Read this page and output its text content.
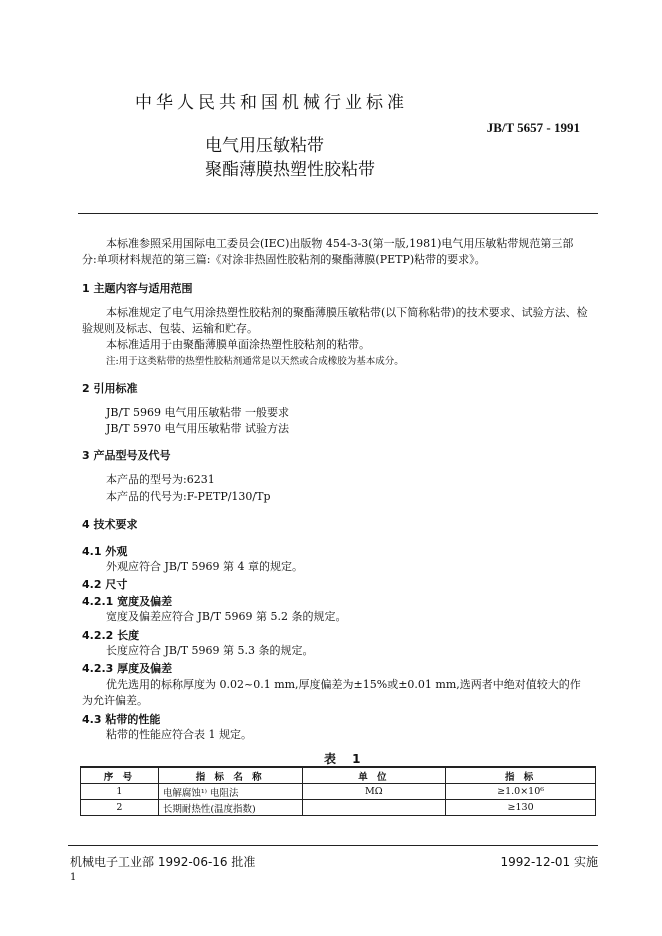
中华人民共和国机械行业标准
JB/T 5657 - 1991
电气用压敏粘带
聚酯薄膜热塑性胶粘带
本标准参照采用国际电工委员会(IEC)出版物 454-3-3(第一版,1981)电气用压敏粘带规范第三部
分:单项材料规范的第三篇:《对涂非热固性胶粘剂的聚酯薄膜(PETP)粘带的要求》。
1 主题内容与适用范围
本标准规定了电气用涂热塑性胶粘剂的聚酯薄膜压敏粘带(以下简称粘带)的技术要求、试验方法、检
验规则及标志、包装、运输和贮存。
本标准适用于由聚酯薄膜单面涂热塑性胶粘剂的粘带。
注:用于这类粘带的热塑性胶粘剂通常是以天然或合成橡胶为基本成分。
2 引用标准
JB/T 5969 电气用压敏粘带 一般要求
JB/T 5970 电气用压敏粘带 试验方法
3 产品型号及代号
本产品的型号为:6231
本产品的代号为:F-PETP/130/Tp
4 技术要求
4.1 外观
外观应符合 JB/T 5969 第 4 章的规定。
4.2 尺寸
4.2.1 宽度及偏差
宽度及偏差应符合 JB/T 5969 第 5.2 条的规定。
4.2.2 长度
长度应符合 JB/T 5969 第 5.3 条的规定。
4.2.3 厚度及偏差
优先选用的标称厚度为 0.02~0.1 mm,厚度偏差为±15%或±0.01 mm,选两者中绝对值较大的作
为允许偏差。
4.3 粘带的性能
粘带的性能应符合表 1 规定。
表 1
序 号	指 标 名 称	单 位	指 标
1	电解腐蚀¹⁾ 电阻法	MΩ	≥1.0×10⁶
2	长期耐热性(温度指数)		≥130
机械电子工业部 1992-06-16 批准	1992-12-01 实施
1
